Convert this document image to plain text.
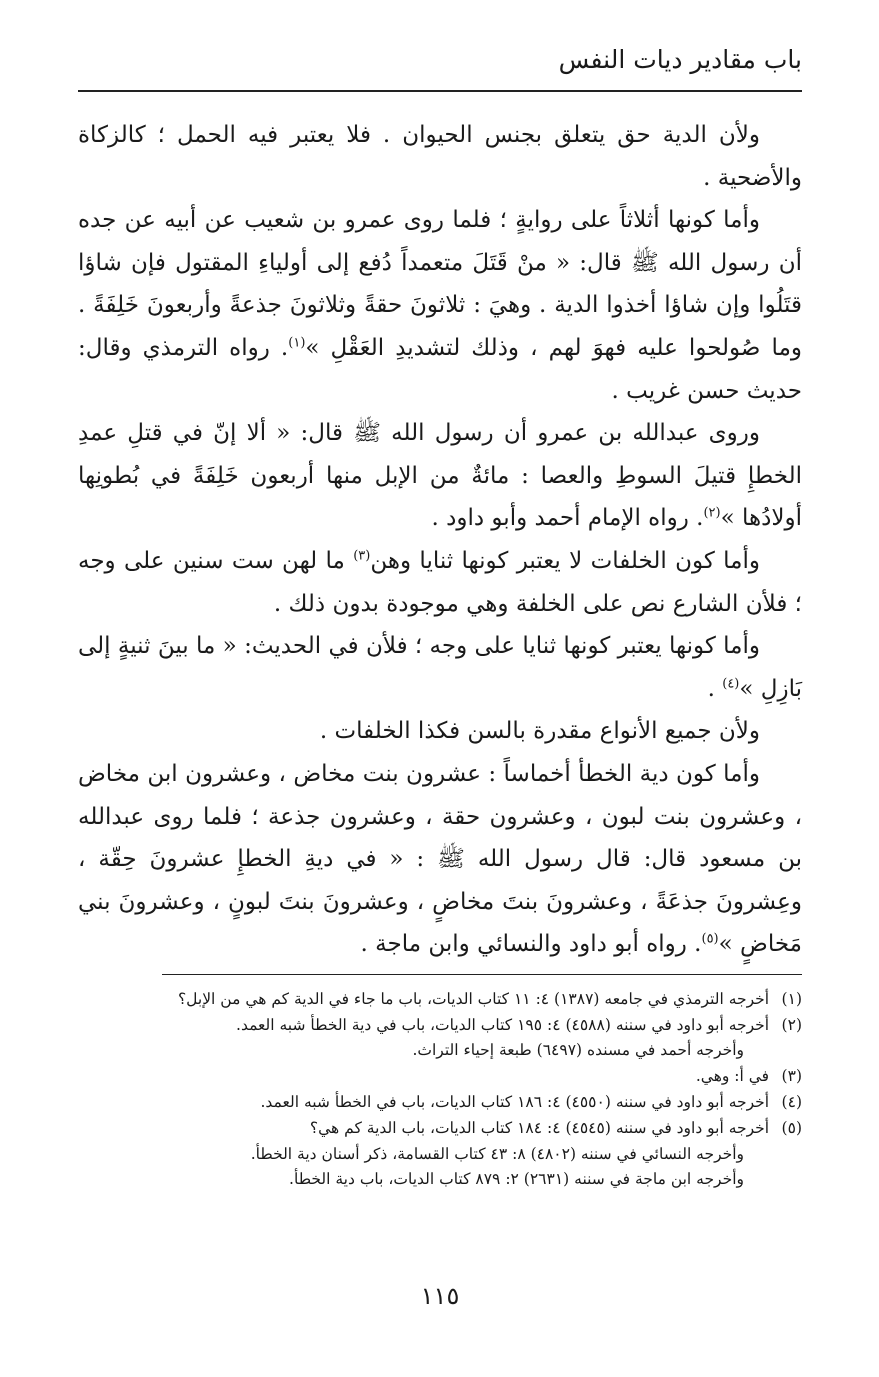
باب مقادير ديات النفس

ولأن الدية حق يتعلق بجنس الحيوان . فلا يعتبر فيه الحمل ؛ كالزكاة والأضحية .

وأما كونها أثلاثاً على روايةٍ ؛ فلما روى عمرو بن شعيب عن أبيه عن جده أن رسول الله ﷺ قال: « منْ قَتَلَ متعمداً دُفع إلى أولياءِ المقتول فإن شاؤا قتَلُوا وإن شاؤا أخذوا الدية . وهيَ : ثلاثونَ حقةً وثلاثونَ جذعةً وأربعونَ خَلِفَةً . وما صُولحوا عليه فهوَ لهم ، وذلك لتشديدِ العَقْلِ »$^{(١)}$. رواه الترمذي وقال: حديث حسن غريب .

وروى عبدالله بن عمرو أن رسول الله ﷺ قال: « ألا إنّ في قتلِ عمدِ الخطإِ قتيلَ السوطِ والعصا : مائةٌ من الإبل منها أربعون خَلِفَةً في بُطونِها أولادُها »$^{(٢)}$. رواه الإمام أحمد وأبو داود .

وأما كون الخلفات لا يعتبر كونها ثنايا وهن$^{(٣)}$ ما لهن ست سنين على وجه ؛ فلأن الشارع نص على الخلفة وهي موجودة بدون ذلك .

وأما كونها يعتبر كونها ثنايا على وجه ؛ فلأن في الحديث: « ما بينَ ثنيةٍ إلى بَازِلِ »$^{(٤)}$ .

ولأن جميع الأنواع مقدرة بالسن فكذا الخلفات .

وأما كون دية الخطأ أخماساً : عشرون بنت مخاض ، وعشرون ابن مخاض ، وعشرون بنت لبون ، وعشرون حقة ، وعشرون جذعة ؛ فلما روى عبدالله بن مسعود قال: قال رسول الله ﷺ : « في ديةِ الخطإِ عشرونَ حِقّة ، وعِشرونَ جذعَةً ، وعشرونَ بنتَ مخاضٍ ، وعشرونَ بنتَ لبونٍ ، وعشرونَ بني مَخاضٍ »$^{(٥)}$. رواه أبو داود والنسائي وابن ماجة .

(١) أخرجه الترمذي في جامعه (١٣٨٧) ٤: ١١ كتاب الديات، باب ما جاء في الدية كم هي من الإبل؟

(٢) أخرجه أبو داود في سننه (٤٥٨٨) ٤: ١٩٥ كتاب الديات، باب في دية الخطأ شبه العمد.

وأخرجه أحمد في مسنده (٦٤٩٧) طبعة إحياء التراث.

(٣) في أ: وهي.

(٤) أخرجه أبو داود في سننه (٤٥٥٠) ٤: ١٨٦ كتاب الديات، باب في الخطأ شبه العمد.

(٥) أخرجه أبو داود في سننه (٤٥٤٥) ٤: ١٨٤ كتاب الديات، باب الدية كم هي؟

وأخرجه النسائي في سننه (٤٨٠٢) ٨: ٤٣ كتاب القسامة، ذكر أسنان دية الخطأ.

وأخرجه ابن ماجة في سننه (٢٦٣١) ٢: ٨٧٩ كتاب الديات، باب دية الخطأ.

١١٥
